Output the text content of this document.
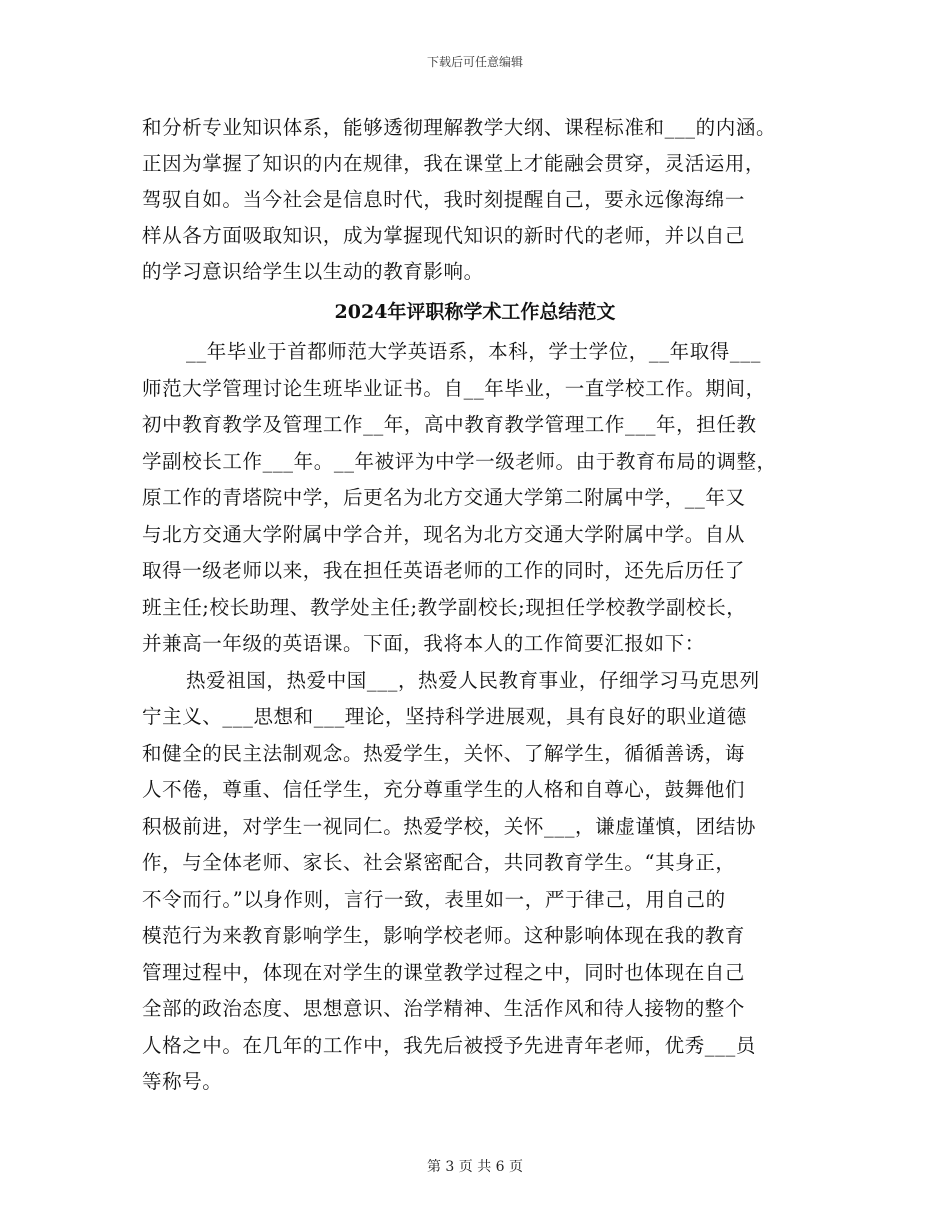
下载后可任意编辑
和分析专业知识体系，能够透彻理解教学大纲、课程标准和___的内涵。
正因为掌握了知识的内在规律，我在课堂上才能融会贯穿，灵活运用，
驾驭自如。当今社会是信息时代，我时刻提醒自己，要永远像海绵一
样从各方面吸取知识，成为掌握现代知识的新时代的老师，并以自己
的学习意识给学生以生动的教育影响。
2024年评职称学术工作总结范文
__年毕业于首都师范大学英语系，本科，学士学位，__年取得___
师范大学管理讨论生班毕业证书。自__年毕业，一直学校工作。期间，
初中教育教学及管理工作__年，高中教育教学管理工作___年，担任教
学副校长工作___年。__年被评为中学一级老师。由于教育布局的调整，
原工作的青塔院中学，后更名为北方交通大学第二附属中学，__年又
与北方交通大学附属中学合并，现名为北方交通大学附属中学。自从
取得一级老师以来，我在担任英语老师的工作的同时，还先后历任了
班主任;校长助理、教学处主任;教学副校长;现担任学校教学副校长，
并兼高一年级的英语课。下面，我将本人的工作简要汇报如下：
热爱祖国，热爱中国___，热爱人民教育事业，仔细学习马克思列
宁主义、___思想和___理论，坚持科学进展观，具有良好的职业道德
和健全的民主法制观念。热爱学生，关怀、了解学生，循循善诱，诲
人不倦，尊重、信任学生，充分尊重学生的人格和自尊心，鼓舞他们
积极前进，对学生一视同仁。热爱学校，关怀___，谦虚谨慎，团结协
作，与全体老师、家长、社会紧密配合，共同教育学生。“其身正，
不令而行。”以身作则，言行一致，表里如一，严于律己，用自己的
模范行为来教育影响学生，影响学校老师。这种影响体现在我的教育
管理过程中，体现在对学生的课堂教学过程之中，同时也体现在自己
全部的政治态度、思想意识、治学精神、生活作风和待人接物的整个
人格之中。在几年的工作中，我先后被授予先进青年老师，优秀___员
等称号。
第 3 页 共 6 页
